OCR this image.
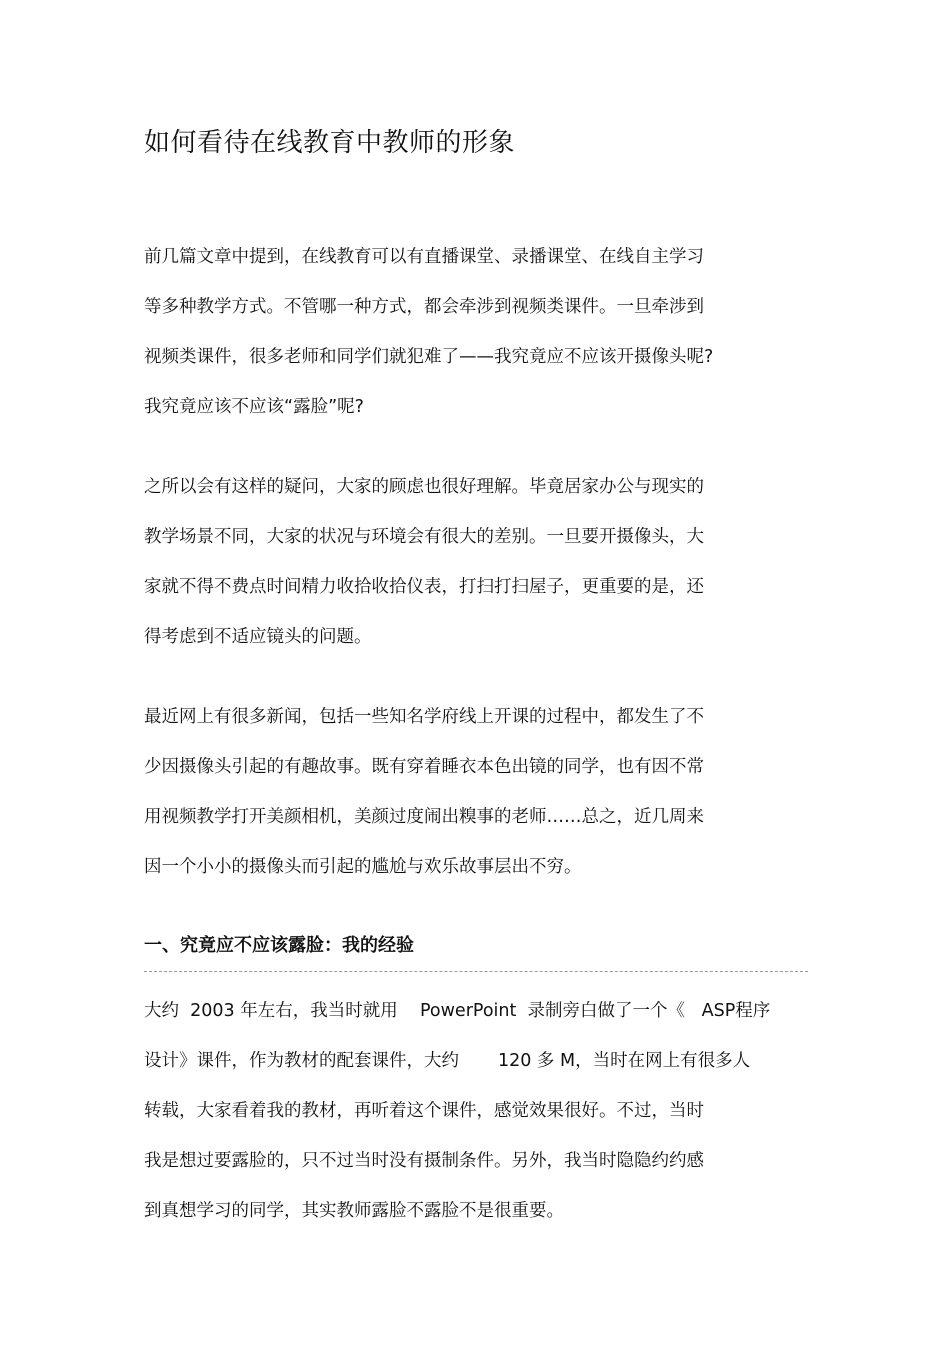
如何看待在线教育中教师的形象

前几篇文章中提到，在线教育可以有直播课堂、录播课堂、在线自主学习

等多种教学方式。不管哪一种方式，都会牵涉到视频类课件。一旦牵涉到

视频类课件，很多老师和同学们就犯难了——我究竟应不应该开摄像头呢?

我究竟应该不应该“露脸”呢?

之所以会有这样的疑问，大家的顾虑也很好理解。毕竟居家办公与现实的

教学场景不同，大家的状况与环境会有很大的差别。一旦要开摄像头，大

家就不得不费点时间精力收拾收拾仪表，打扫打扫屋子，更重要的是，还

得考虑到不适应镜头的问题。

最近网上有很多新闻，包括一些知名学府线上开课的过程中，都发生了不

少因摄像头引起的有趣故事。既有穿着睡衣本色出镜的同学，也有因不常

用视频教学打开美颜相机，美颜过度闹出糗事的老师……总之，近几周来

因一个小小的摄像头而引起的尴尬与欢乐故事层出不穷。

一、究竟应不应该露脸：我的经验

大约  2003 年左右，我当时就用    PowerPoint  录制旁白做了一个《   ASP程序

设计》课件，作为教材的配套课件，大约       120 多 M，当时在网上有很多人

转载，大家看着我的教材，再听着这个课件，感觉效果很好。不过，当时

我是想过要露脸的，只不过当时没有摄制条件。另外，我当时隐隐约约感

到真想学习的同学，其实教师露脸不露脸不是很重要。
